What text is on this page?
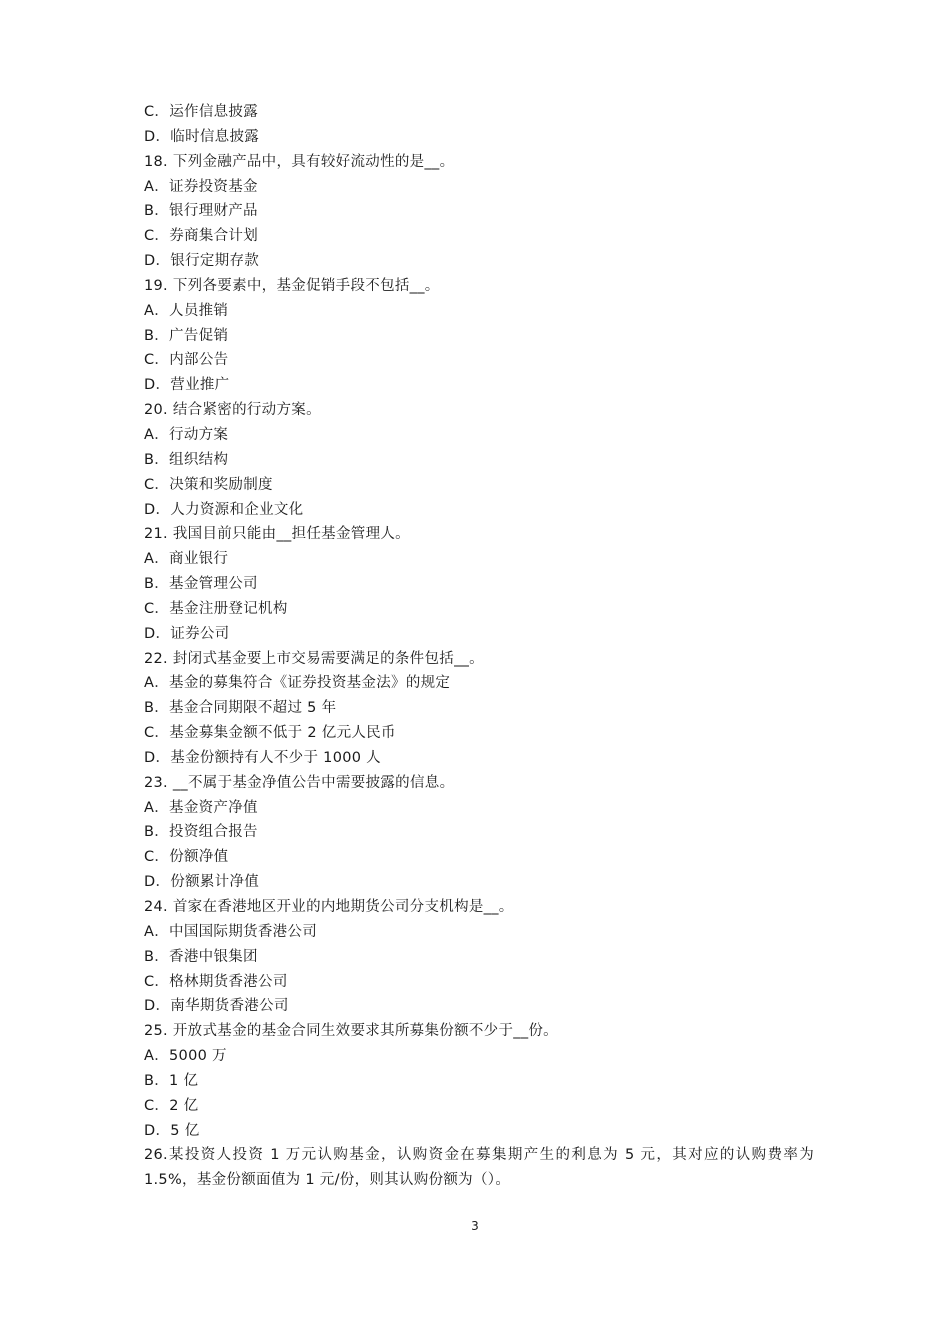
C．运作信息披露
D．临时信息披露
18. 下列金融产品中，具有较好流动性的是__。
A．证券投资基金
B．银行理财产品
C．券商集合计划
D．银行定期存款
19. 下列各要素中，基金促销手段不包括__。
A．人员推销
B．广告促销
C．内部公告
D．营业推广
20. 结合紧密的行动方案。
A．行动方案
B．组织结构
C．决策和奖励制度
D．人力资源和企业文化
21. 我国目前只能由__担任基金管理人。
A．商业银行
B．基金管理公司
C．基金注册登记机构
D．证券公司
22. 封闭式基金要上市交易需要满足的条件包括__。
A．基金的募集符合《证券投资基金法》的规定
B．基金合同期限不超过 5 年
C．基金募集金额不低于 2 亿元人民币
D．基金份额持有人不少于 1000 人
23. __不属于基金净值公告中需要披露的信息。
A．基金资产净值
B．投资组合报告
C．份额净值
D．份额累计净值
24. 首家在香港地区开业的内地期货公司分支机构是__。
A．中国国际期货香港公司
B．香港中银集团
C．格林期货香港公司
D．南华期货香港公司
25. 开放式基金的基金合同生效要求其所募集份额不少于__份。
A．5000 万
B．1 亿
C．2 亿
D．5 亿
26.某投资人投资 1 万元认购基金，认购资金在募集期产生的利息为 5 元，其对应的认购费率为 1.5%，基金份额面值为 1 元/份，则其认购份额为（）。
3
